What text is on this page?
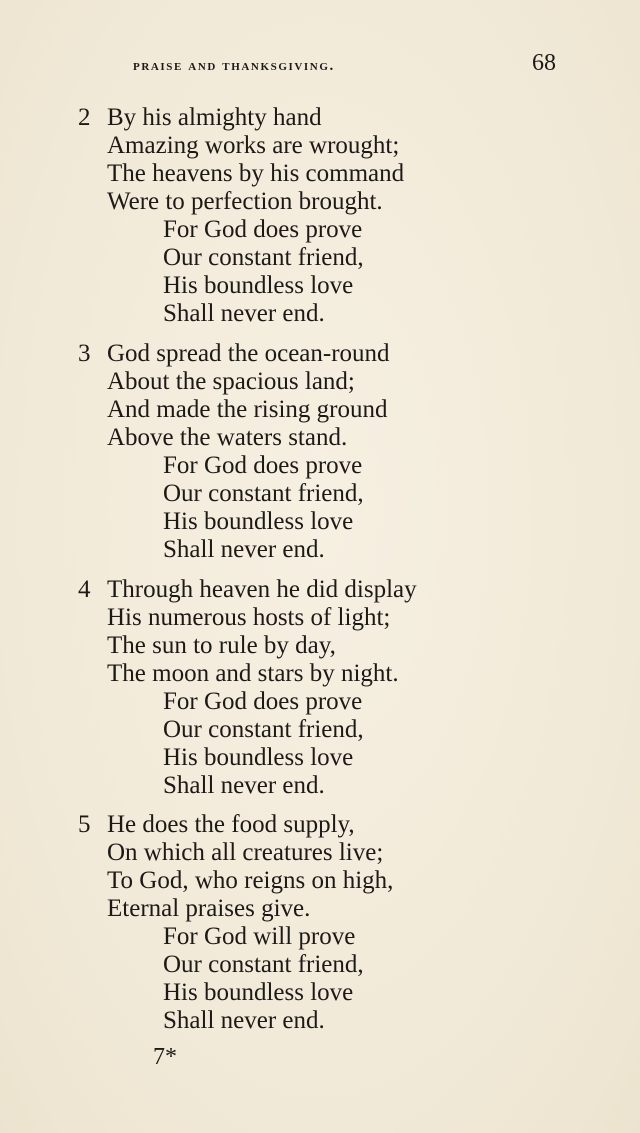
praise and thanksgiving.	68
2 By his almighty hand
Amazing works are wrought;
The heavens by his command
Were to perfection brought.
For God does prove
Our constant friend,
His boundless love
Shall never end.
3 God spread the ocean-round
About the spacious land;
And made the rising ground
Above the waters stand.
For God does prove
Our constant friend,
His boundless love
Shall never end.
4 Through heaven he did display
His numerous hosts of light;
The sun to rule by day,
The moon and stars by night.
For God does prove
Our constant friend,
His boundless love
Shall never end.
5 He does the food supply,
On which all creatures live;
To God, who reigns on high,
Eternal praises give.
For God will prove
Our constant friend,
His boundless love
Shall never end.
7*
